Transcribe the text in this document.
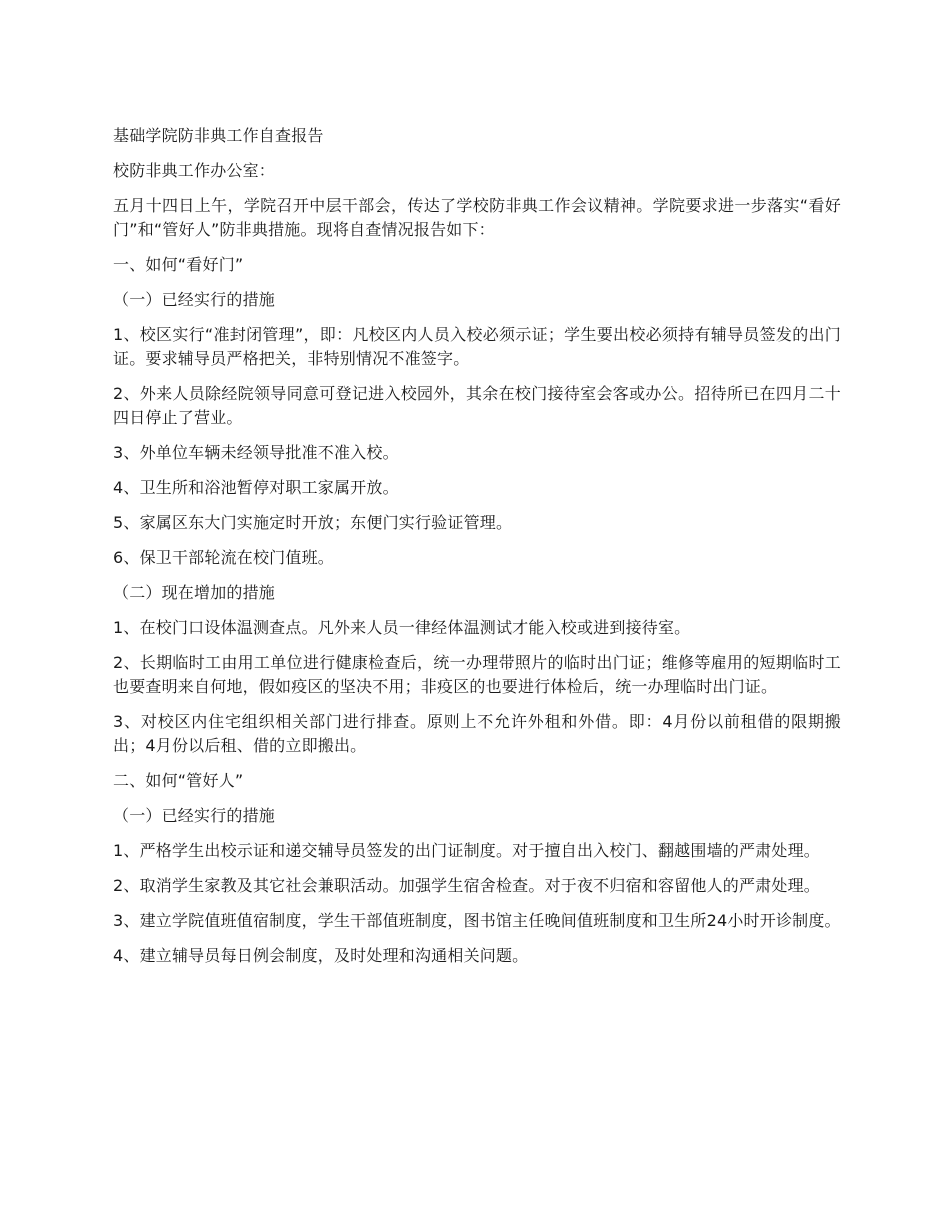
基础学院防非典工作自查报告

校防非典工作办公室：

五月十四日上午，学院召开中层干部会，传达了学校防非典工作会议精神。学院要求进一步落实“看好门”和“管好人”防非典措施。现将自查情况报告如下：

一、如何“看好门”

（一）已经实行的措施

1、校区实行“准封闭管理”，即：凡校区内人员入校必须示证；学生要出校必须持有辅导员签发的出门证。要求辅导员严格把关，非特别情况不准签字。

2、外来人员除经院领导同意可登记进入校园外，其余在校门接待室会客或办公。招待所已在四月二十四日停止了营业。

3、外单位车辆未经领导批准不准入校。

4、卫生所和浴池暂停对职工家属开放。

5、家属区东大门实施定时开放；东便门实行验证管理。

6、保卫干部轮流在校门值班。

（二）现在增加的措施

1、在校门口设体温测查点。凡外来人员一律经体温测试才能入校或进到接待室。

2、长期临时工由用工单位进行健康检查后，统一办理带照片的临时出门证；维修等雇用的短期临时工也要查明来自何地，假如疫区的坚决不用；非疫区的也要进行体检后，统一办理临时出门证。

3、对校区内住宅组织相关部门进行排查。原则上不允许外租和外借。即：4月份以前租借的限期搬出；4月份以后租、借的立即搬出。

二、如何“管好人”

（一）已经实行的措施

1、严格学生出校示证和递交辅导员签发的出门证制度。对于擅自出入校门、翻越围墙的严肃处理。

2、取消学生家教及其它社会兼职活动。加强学生宿舍检查。对于夜不归宿和容留他人的严肃处理。

3、建立学院值班值宿制度，学生干部值班制度，图书馆主任晚间值班制度和卫生所24小时开诊制度。

4、建立辅导员每日例会制度，及时处理和沟通相关问题。
